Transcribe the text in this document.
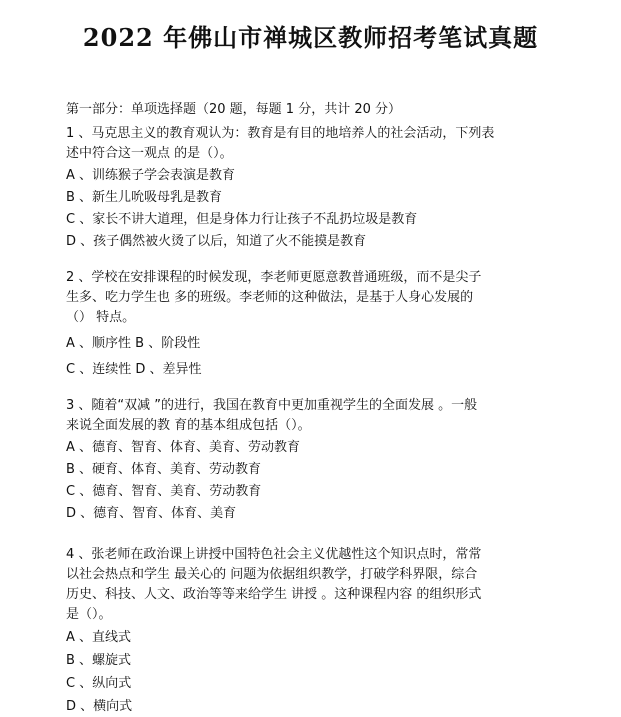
2022 年佛山市禅城区教师招考笔试真题
第一部分：单项选择题（20 题，每题 1 分，共计 20 分）
1 、马克思主义的教育观认为：教育是有目的地培养人的社会活动，下列表
述中符合这一观点 的是（）。
A 、训练猴子学会表演是教育
B 、新生儿吮吸母乳是教育
C 、家长不讲大道理，但是身体力行让孩子不乱扔垃圾是教育
D 、孩子偶然被火烫了以后，知道了火不能摸是教育
2 、学校在安排课程的时候发现，李老师更愿意教普通班级，而不是尖子
生多、吃力学生也 多的班级。李老师的这种做法，是基于人身心发展的
（） 特点。
A 、顺序性 B 、阶段性
C 、连续性 D 、差异性
3 、随着“双减 ”的进行，我国在教育中更加重视学生的全面发展 。一般
来说全面发展的教 育的基本组成包括（）。
A 、德育、智育、体育、美育、劳动教育
B 、硬育、体育、美育、劳动教育
C 、德育、智育、美育、劳动教育
D 、德育、智育、体育、美育
4 、张老师在政治课上讲授中国特色社会主义优越性这个知识点时，常常
以社会热点和学生 最关心的 问题为依据组织教学，打破学科界限，综合
历史、科技、人文、政治等等来给学生 讲授 。这种课程内容 的组织形式
是（）。
A 、直线式
B 、螺旋式
C 、纵向式
D 、横向式
